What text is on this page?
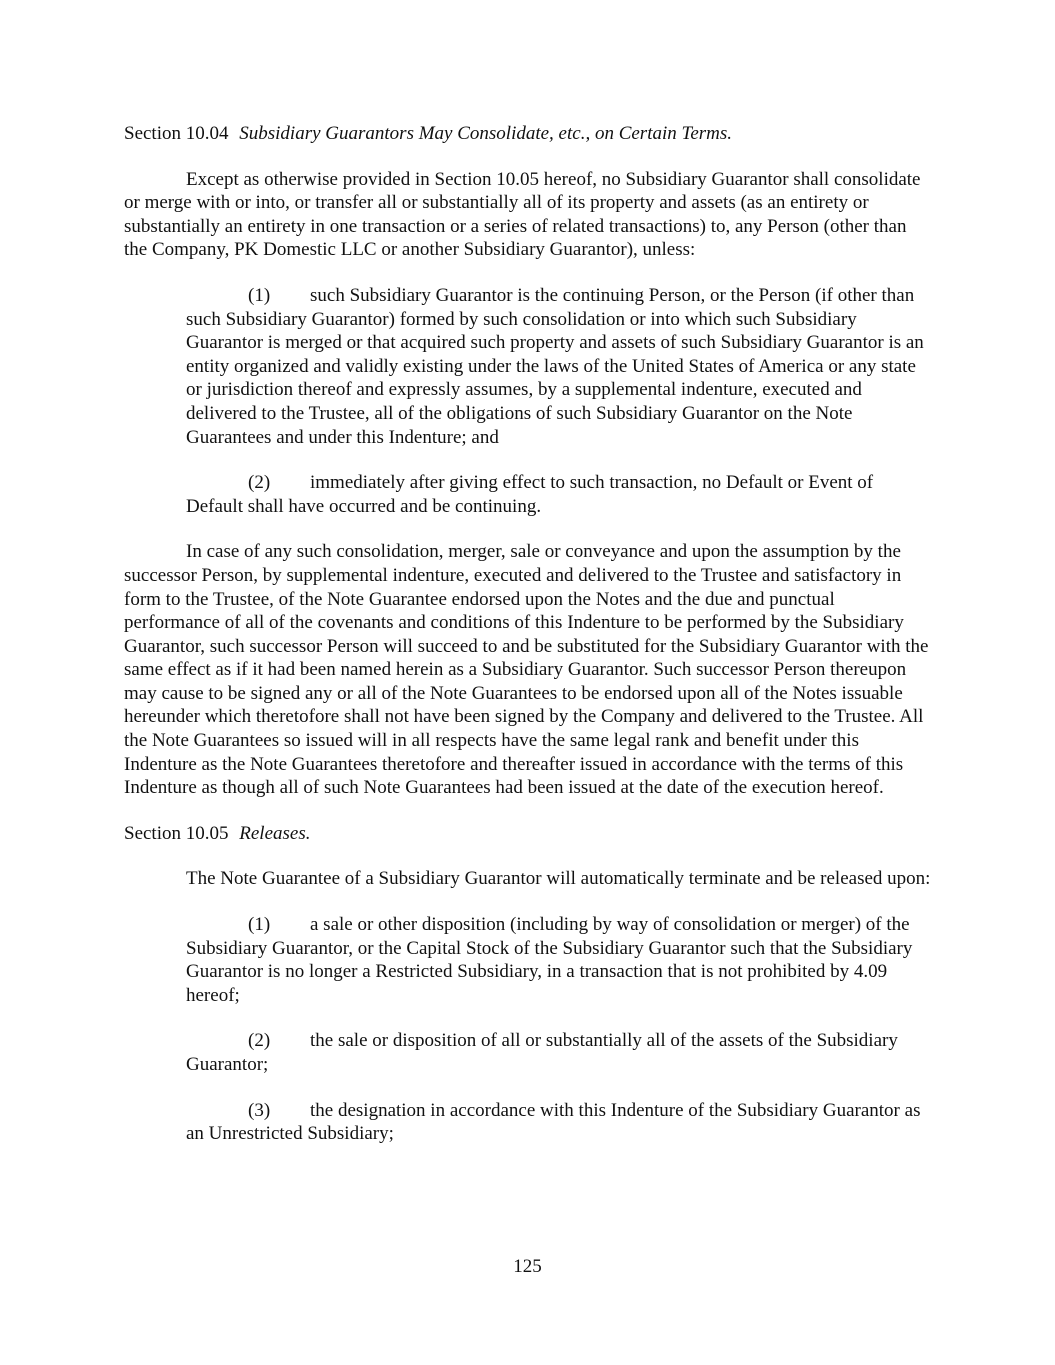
Section 10.04 Subsidiary Guarantors May Consolidate, etc., on Certain Terms.

Except as otherwise provided in Section 10.05 hereof, no Subsidiary Guarantor shall consolidate or merge with or into, or transfer all or substantially all of its property and assets (as an entirety or substantially an entirety in one transaction or a series of related transactions) to, any Person (other than the Company, PK Domestic LLC or another Subsidiary Guarantor), unless:

(1) such Subsidiary Guarantor is the continuing Person, or the Person (if other than such Subsidiary Guarantor) formed by such consolidation or into which such Subsidiary Guarantor is merged or that acquired such property and assets of such Subsidiary Guarantor is an entity organized and validly existing under the laws of the United States of America or any state or jurisdiction thereof and expressly assumes, by a supplemental indenture, executed and delivered to the Trustee, all of the obligations of such Subsidiary Guarantor on the Note Guarantees and under this Indenture; and

(2) immediately after giving effect to such transaction, no Default or Event of Default shall have occurred and be continuing.

In case of any such consolidation, merger, sale or conveyance and upon the assumption by the successor Person, by supplemental indenture, executed and delivered to the Trustee and satisfactory in form to the Trustee, of the Note Guarantee endorsed upon the Notes and the due and punctual performance of all of the covenants and conditions of this Indenture to be performed by the Subsidiary Guarantor, such successor Person will succeed to and be substituted for the Subsidiary Guarantor with the same effect as if it had been named herein as a Subsidiary Guarantor. Such successor Person thereupon may cause to be signed any or all of the Note Guarantees to be endorsed upon all of the Notes issuable hereunder which theretofore shall not have been signed by the Company and delivered to the Trustee. All the Note Guarantees so issued will in all respects have the same legal rank and benefit under this Indenture as the Note Guarantees theretofore and thereafter issued in accordance with the terms of this Indenture as though all of such Note Guarantees had been issued at the date of the execution hereof.

Section 10.05 Releases.

The Note Guarantee of a Subsidiary Guarantor will automatically terminate and be released upon:

(1) a sale or other disposition (including by way of consolidation or merger) of the Subsidiary Guarantor, or the Capital Stock of the Subsidiary Guarantor such that the Subsidiary Guarantor is no longer a Restricted Subsidiary, in a transaction that is not prohibited by 4.09 hereof;

(2) the sale or disposition of all or substantially all of the assets of the Subsidiary Guarantor;

(3) the designation in accordance with this Indenture of the Subsidiary Guarantor as an Unrestricted Subsidiary;

125
